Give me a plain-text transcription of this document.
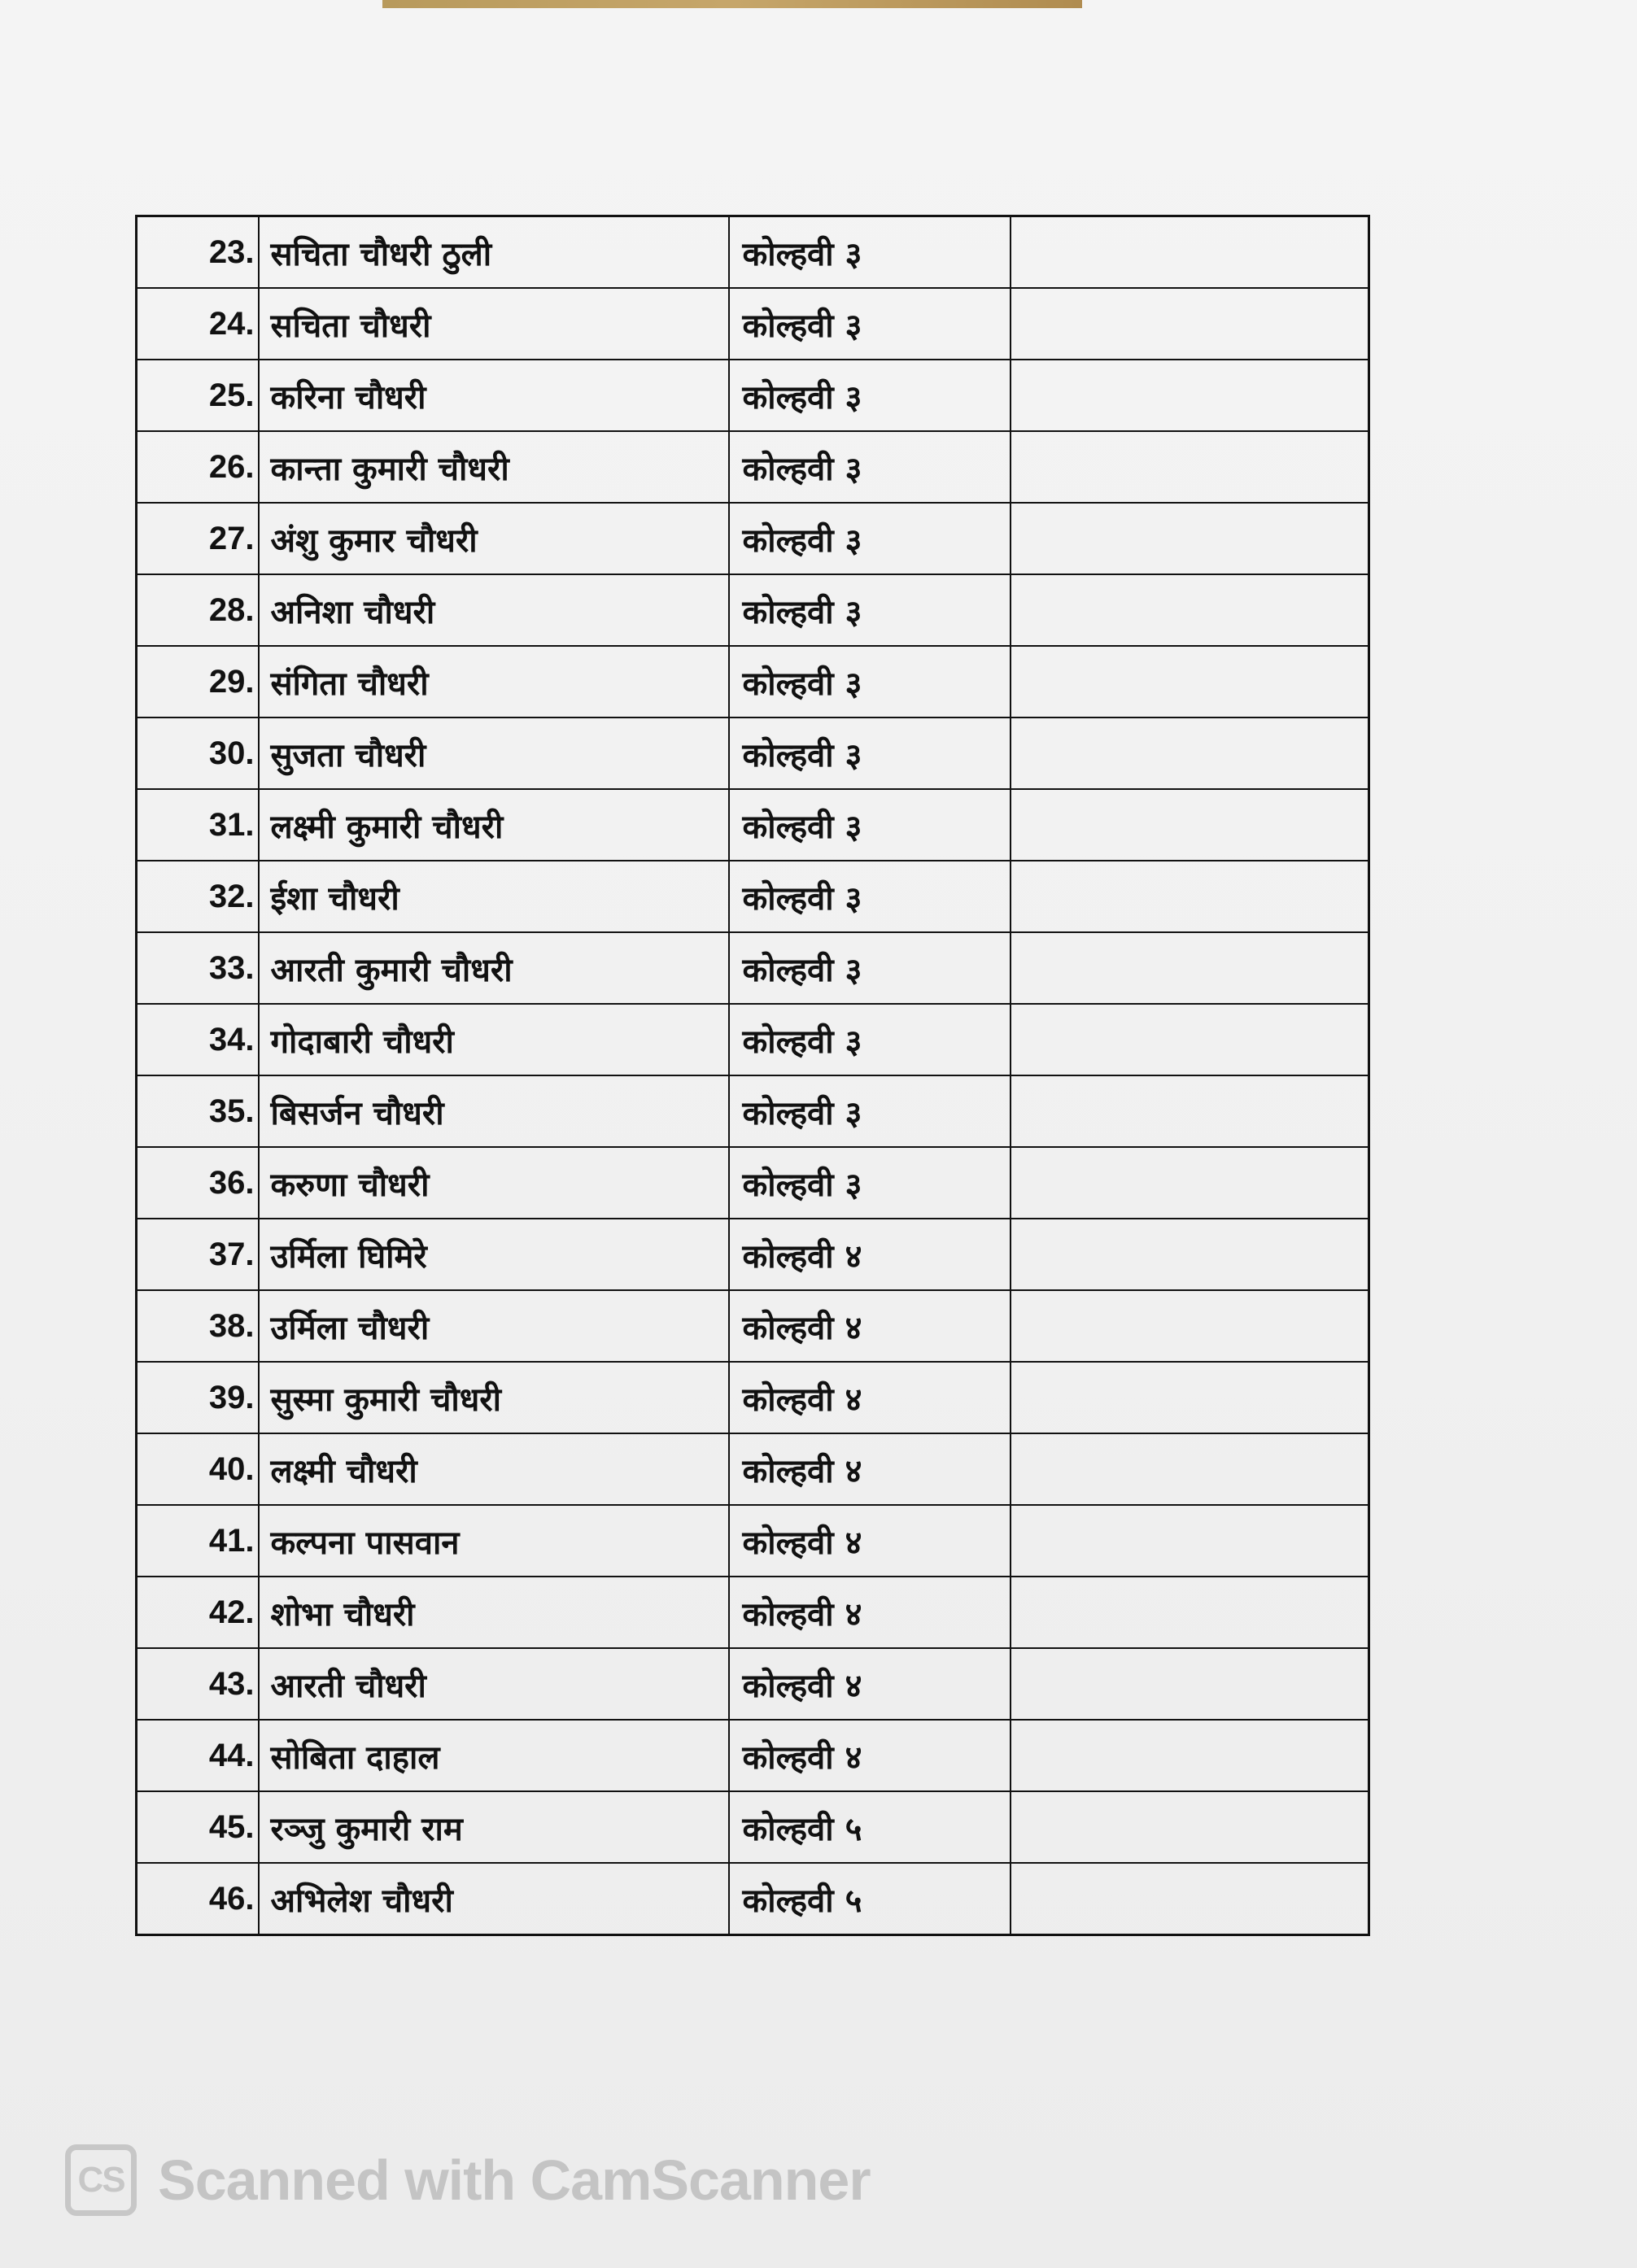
23.	सचिता चौधरी ठुली	कोल्हवी ३	
24.	सचिता चौधरी	कोल्हवी ३	
25.	करिना चौधरी	कोल्हवी ३	
26.	कान्ता कुमारी चौधरी	कोल्हवी ३	
27.	अंशु कुमार चौधरी	कोल्हवी ३	
28.	अनिशा चौधरी	कोल्हवी ३	
29.	संगिता चौधरी	कोल्हवी ३	
30.	सुजता चौधरी	कोल्हवी ३	
31.	लक्ष्मी कुमारी चौधरी	कोल्हवी ३	
32.	ईशा चौधरी	कोल्हवी ३	
33.	आरती कुमारी चौधरी	कोल्हवी ३	
34.	गोदाबारी चौधरी	कोल्हवी ३	
35.	बिसर्जन चौधरी	कोल्हवी ३	
36.	करुणा चौधरी	कोल्हवी ३	
37.	उर्मिला घिमिरे	कोल्हवी ४	
38.	उर्मिला चौधरी	कोल्हवी ४	
39.	सुस्मा कुमारी चौधरी	कोल्हवी ४	
40.	लक्ष्मी चौधरी	कोल्हवी ४	
41.	कल्पना पासवान	कोल्हवी ४	
42.	शोभा चौधरी	कोल्हवी ४	
43.	आरती चौधरी	कोल्हवी ४	
44.	सोबिता दाहाल	कोल्हवी ४	
45.	रञ्जु कुमारी राम	कोल्हवी ५	
46.	अभिलेश चौधरी	कोल्हवी ५	
CS Scanned with CamScanner
